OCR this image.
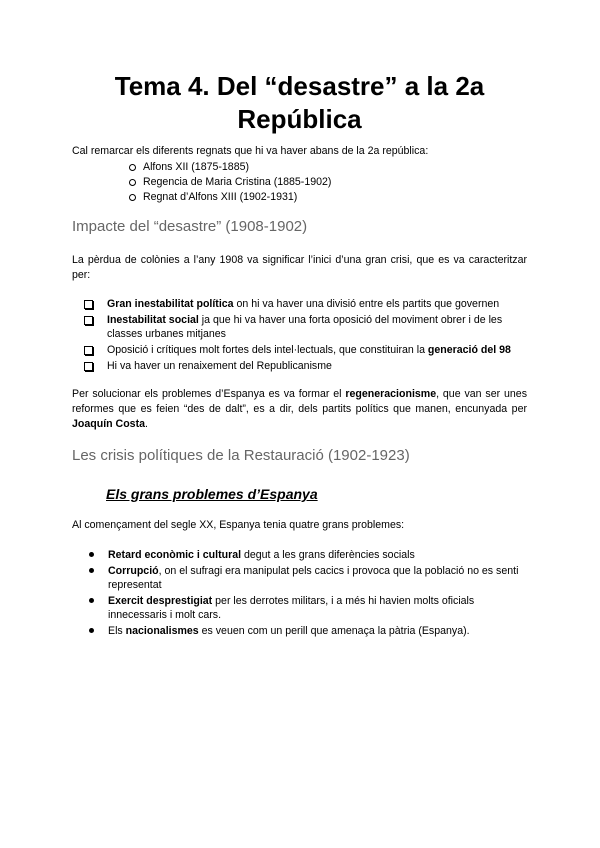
Tema 4. Del “desastre” a la 2a República

Cal remarcar els diferents regnats que hi va haver abans de la 2a república:

Alfons XII (1875-1885)
Regencia de Maria Cristina (1885-1902)
Regnat d’Alfons XIII (1902-1931)
Impacte del “desastre” (1908-1902)

La pèrdua de colònies a l’any 1908 va significar l’inici d’una gran crisi, que es va caracteritzar per:

Gran inestabilitat política on hi va haver una divisió entre els partits que governen
Inestabilitat social ja que hi va haver una forta oposició del moviment obrer i de les classes urbanes mitjanes
Oposició i crítiques molt fortes dels intel·lectuals, que constituiran la generació del 98
Hi va haver un renaixement del Republicanisme

Per solucionar els problemes d’Espanya es va formar el regeneracionisme, que van ser unes reformes que es feien “des de dalt”, es a dir, dels partits polítics que manen, encunyada per Joaquín Costa.

Les crisis polítiques de la Restauració (1902-1923)
Els grans problemes d’Espanya

Al començament del segle XX, Espanya tenia quatre grans problemes:

Retard econòmic i cultural degut a les grans diferències socials
Corrupció, on el sufragi era manipulat pels cacics i provoca que la població no es senti representat
Exercit desprestigiat per les derrotes militars, i a més hi havien molts oficials innecessaris i molt cars.
Els nacionalismes es veuen com un perill que amenaça la pàtria (Espanya).
